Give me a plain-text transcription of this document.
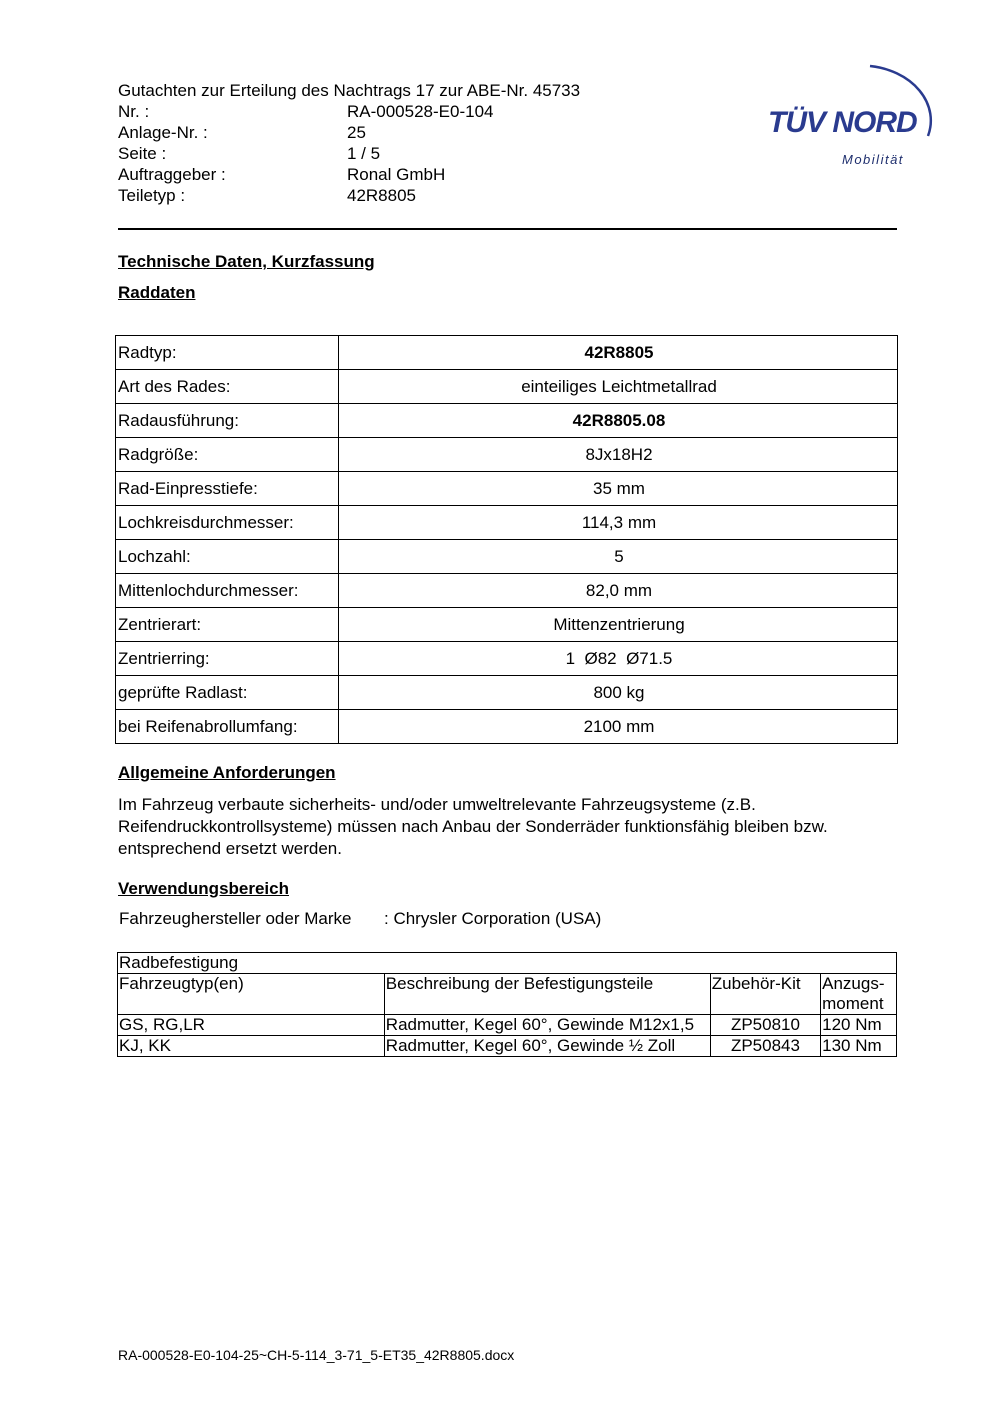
Gutachten zur Erteilung des Nachtrags 17 zur ABE-Nr. 45733
Nr. :	RA-000528-E0-104
Anlage-Nr. :	25
Seite :	1 / 5
Auftraggeber :	Ronal GmbH
Teiletyp :	42R8805
TÜV NORD
Mobilität
Technische Daten, Kurzfassung
Raddaten
Radtyp:	42R8805
Art des Rades:	einteiliges Leichtmetallrad
Radausführung:	42R8805.08
Radgröße:	8Jx18H2
Rad-Einpresstiefe:	35 mm
Lochkreisdurchmesser:	114,3 mm
Lochzahl:	5
Mittenlochdurchmesser:	82,0 mm
Zentrierart:	Mittenzentrierung
Zentrierring:	1  Ø82  Ø71.5
geprüfte Radlast:	800 kg
bei Reifenabrollumfang:	2100 mm
Allgemeine Anforderungen
Im Fahrzeug verbaute sicherheits- und/oder umweltrelevante Fahrzeugsysteme (z.B. Reifendruckkontrollsysteme) müssen nach Anbau der Sonderräder funktionsfähig bleiben bzw. entsprechend ersetzt werden.
Verwendungsbereich
Fahrzeughersteller oder Marke	: Chrysler Corporation (USA)
Radbefestigung			
Fahrzeugtyp(en)	Beschreibung der Befestigungsteile	Zubehör-Kit	Anzugs-moment
GS, RG,LR	Radmutter, Kegel 60°, Gewinde M12x1,5	ZP50810	120 Nm
KJ, KK	Radmutter, Kegel 60°, Gewinde ½ Zoll	ZP50843	130 Nm
RA-000528-E0-104-25~CH-5-114_3-71_5-ET35_42R8805.docx
